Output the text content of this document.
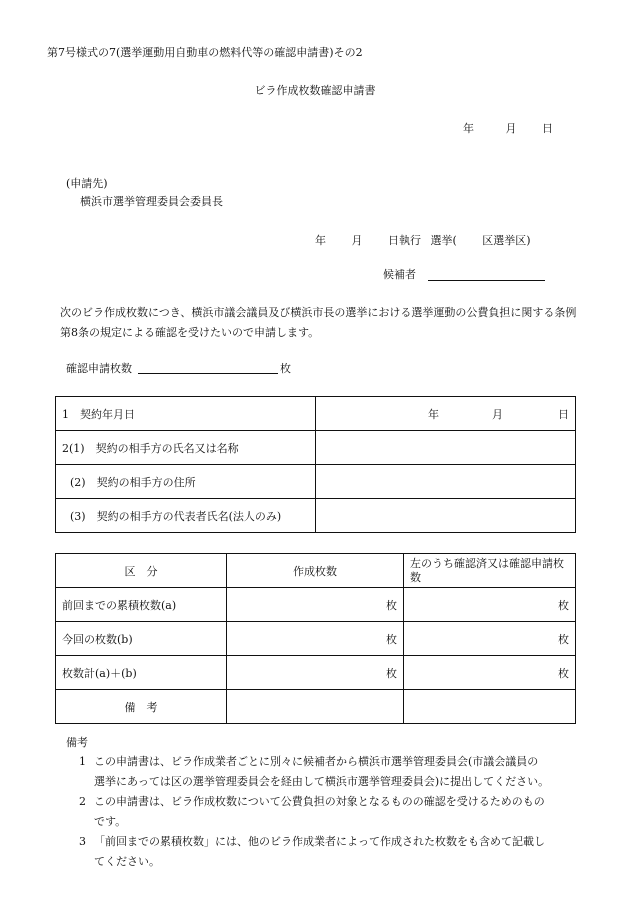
第7号様式の7(選挙運動用自動車の燃料代等の確認申請書)その2
ビラ作成枚数確認申請書
年	月 日
(申請先)
横浜市選挙管理委員会委員長
年 月 日執行 選挙( 区選挙区)
候補者
次のビラ作成枚数につき、横浜市議会議員及び横浜市長の選挙における選挙運動の公費負担に関する条例第8条の規定による確認を受けたいので申請します。
確認申請枚数	枚
1　契約年月日	年 月 日
2(1)　契約の相手方の氏名又は名称	
(2)　契約の相手方の住所	
(3)　契約の相手方の代表者氏名(法人のみ)	
区　分	作成枚数	左のうち確認済又は確認申請枚数
前回までの累積枚数(a)	枚	枚
今回の枚数(b)	枚	枚
枚数計(a)＋(b)	枚	枚
備　考		
備考
1 この申請書は、ビラ作成業者ごとに別々に候補者から横浜市選挙管理委員会(市議会議員の
選挙にあっては区の選挙管理委員会を経由して横浜市選挙管理委員会)に提出してください。
2 この申請書は、ビラ作成枚数について公費負担の対象となるものの確認を受けるためのもの
です。
3 「前回までの累積枚数」には、他のビラ作成業者によって作成された枚数をも含めて記載し
てください。
